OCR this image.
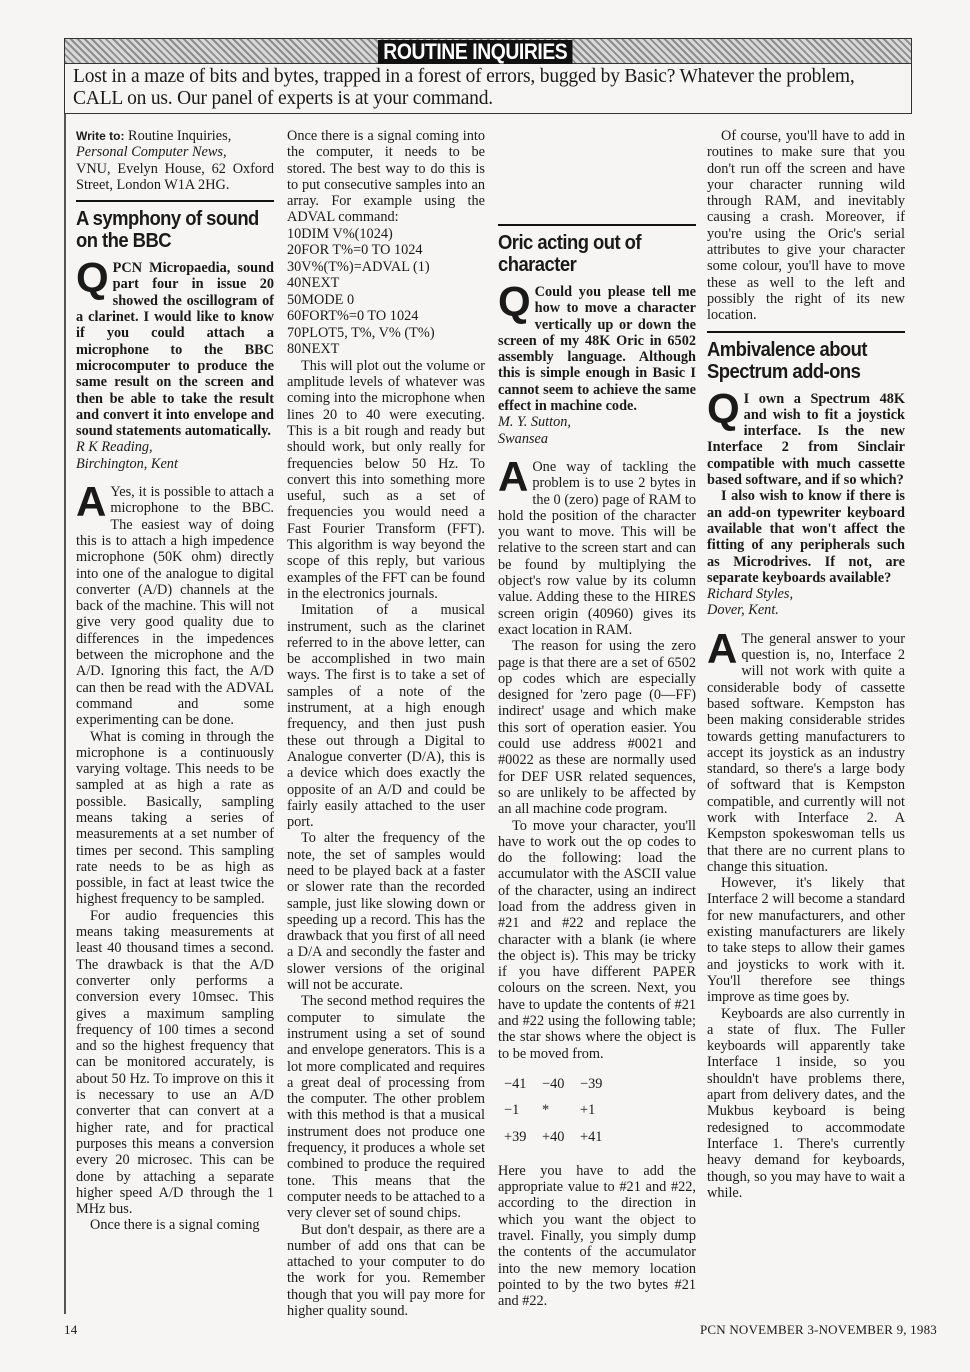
ROUTINE INQUIRIES
Lost in a maze of bits and bytes, trapped in a forest of errors, bugged by Basic? Whatever the problem, CALL on us. Our panel of experts is at your command.

Write to: Routine Inquiries,
Personal Computer News,
VNU, Evelyn House, 62 Oxford Street, London W1A 2HG.

A symphony of sound on the BBC

QPCN Micropaedia, sound part four in issue 20 showed the oscillogram of a clarinet. I would like to know if you could attach a microphone to the BBC microcomputer to produce the same result on the screen and then be able to take the result and convert it into envelope and sound statements automatically.

R K Reading,

Birchington, Kent

A Yes, it is possible to attach a microphone to the BBC. The easiest way of doing this is to attach a high impedence microphone (50K ohm) directly into one of the analogue to digital converter (A/D) channels at the back of the machine. This will not give very good quality due to differences in the impedences between the microphone and the A/D. Ignoring this fact, the A/D can then be read with the ADVAL command and some experimenting can be done.

What is coming in through the microphone is a continuously varying voltage. This needs to be sampled at as high a rate as possible. Basically, sampling means taking a series of measurements at a set number of times per second. This sampling rate needs to be as high as possible, in fact at least twice the highest frequency to be sampled.

For audio frequencies this means taking measurements at least 40 thousand times a second. The drawback is that the A/D converter only performs a conversion every 10msec. This gives a maximum sampling frequency of 100 times a second and so the highest frequency that can be monitored accurately, is about 50 Hz. To improve on this it is necessary to use an A/D converter that can convert at a higher rate, and for practical purposes this means a conversion every 20 microsec. This can be done by attaching a separate higher speed A/D through the 1 MHz bus.

Once there is a signal coming

Once there is a signal coming into the computer, it needs to be stored. The best way to do this is to put consecutive samples into an array. For example using the ADVAL command:

10DIM V%(1024)
20FOR T%=0 TO 1024
30V%(T%)=ADVAL (1)
40NEXT
50MODE 0
60FORT%=0 TO 1024
70PLOT5, T%, V% (T%)
80NEXT

This will plot out the volume or amplitude levels of whatever was coming into the microphone when lines 20 to 40 were executing. This is a bit rough and ready but should work, but only really for frequencies below 50 Hz. To convert this into something more useful, such as a set of frequencies you would need a Fast Fourier Transform (FFT). This algorithm is way beyond the scope of this reply, but various examples of the FFT can be found in the electronics journals.

Imitation of a musical instrument, such as the clarinet referred to in the above letter, can be accomplished in two main ways. The first is to take a set of samples of a note of the instrument, at a high enough frequency, and then just push these out through a Digital to Analogue converter (D/A), this is a device which does exactly the opposite of an A/D and could be fairly easily attached to the user port.

To alter the frequency of the note, the set of samples would need to be played back at a faster or slower rate than the recorded sample, just like slowing down or speeding up a record. This has the drawback that you first of all need a D/A and secondly the faster and slower versions of the original will not be accurate.

The second method requires the computer to simulate the instrument using a set of sound and envelope generators. This is a lot more complicated and requires a great deal of processing from the computer. The other problem with this method is that a musical instrument does not produce one frequency, it produces a whole set combined to produce the required tone. This means that the computer needs to be attached to a very clever set of sound chips.

But don't despair, as there are a number of add ons that can be attached to your computer to do the work for you. Remember though that you will pay more for higher quality sound.

Oric acting out of character

Q Could you please tell me how to move a character vertically up or down the screen of my 48K Oric in 6502 assembly language. Although this is simple enough in Basic I cannot seem to achieve the same effect in machine code.

M. Y. Sutton,

Swansea

A One way of tackling the problem is to use 2 bytes in the 0 (zero) page of RAM to hold the position of the character you want to move. This will be relative to the screen start and can be found by multiplying the object's row value by its column value. Adding these to the HIRES screen origin (40960) gives its exact location in RAM.

The reason for using the zero page is that there are a set of 6502 op codes which are especially designed for 'zero page (0—FF) indirect' usage and which make this sort of operation easier. You could use address #0021 and #0022 as these are normally used for DEF USR related sequences, so are unlikely to be affected by an all machine code program.

To move your character, you'll have to work out the op codes to do the following: load the accumulator with the ASCII value of the character, using an indirect load from the address given in #21 and #22 and replace the character with a blank (ie where the object is). This may be tricky if you have different PAPER colours on the screen. Next, you have to update the contents of #21 and #22 using the following table; the star shows where the object is to be moved from.

−41	−40	−39
−1	*	+1
+39	+40	+41

Here you have to add the appropriate value to #21 and #22, according to the direction in which you want the object to travel. Finally, you simply dump the contents of the accumulator into the new memory location pointed to by the two bytes #21 and #22.

Of course, you'll have to add in routines to make sure that you don't run off the screen and have your character running wild through RAM, and inevitably causing a crash. Moreover, if you're using the Oric's serial attributes to give your character some colour, you'll have to move these as well to the left and possibly the right of its new location.

Ambivalence about Spectrum add-ons

Q I own a Spectrum 48K and wish to fit a joystick interface. Is the new Interface 2 from Sinclair compatible with much cassette based software, and if so which?

I also wish to know if there is an add-on typewriter keyboard available that won't affect the fitting of any peripherals such as Microdrives. If not, are separate keyboards available?

Richard Styles,

Dover, Kent.

A The general answer to your question is, no, Interface 2 will not work with quite a considerable body of cassette based software. Kempston has been making considerable strides towards getting manufacturers to accept its joystick as an industry standard, so there's a large body of softward that is Kempston compatible, and currently will not work with Interface 2. A Kempston spokeswoman tells us that there are no current plans to change this situation.

However, it's likely that Interface 2 will become a standard for new manufacturers, and other existing manufacturers are likely to take steps to allow their games and joysticks to work with it. You'll therefore see things improve as time goes by.

Keyboards are also currently in a state of flux. The Fuller keyboards will apparently take Interface 1 inside, so you shouldn't have problems there, apart from delivery dates, and the Mukbus keyboard is being redesigned to accommodate Interface 1. There's currently heavy demand for keyboards, though, so you may have to wait a while.

14	PCN NOVEMBER 3-NOVEMBER 9, 1983
